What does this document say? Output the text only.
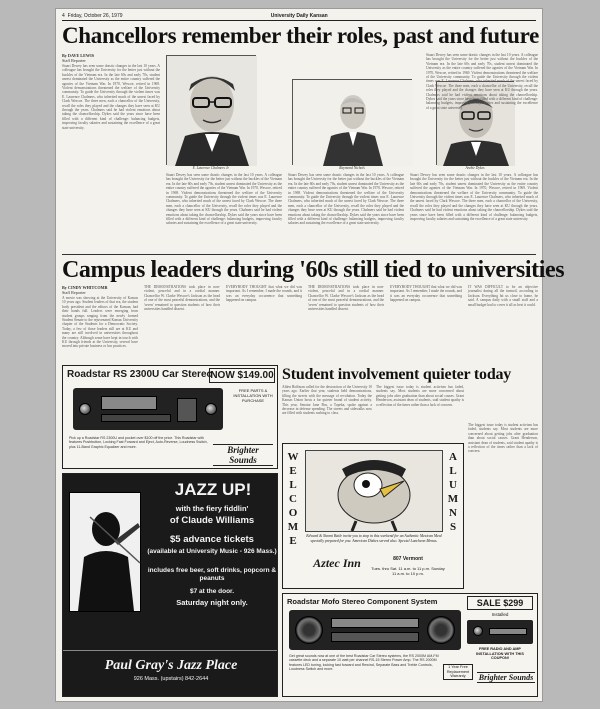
4 Friday, October 26, 1979	University Daily Kansan
Chancellors remember their roles, past and future
By DAVE LEWIS
Staff Reporter
Stuart Dewey has seen some drastic changes in the last 10 years. A colleague has brought the University for the better just without the buckles of the Vietnam era. In the late 60s and early 70s, student unrest dominated the University as the entire country suffered the agonies of the Vietnam War. In 1970, Wescoe, retired in 1969. Violent demonstrations threatened the welfare of the University community. To guide the University through the violent times was E. Laurence Chalmers, who inherited much of the unrest faced by Clark Wescoe. The three men, each a chancellor of the University, recall the roles they played and the changes they have seen at KU through the years. Chalmers said he had violent emotions about taking the chancellorship. Dykes said the years since have been filled with a different kind of challenge: balancing budgets, improving faculty salaries and sustaining the excellence of a great state university.
E. Laurence Chalmers Jr.	Raymond Nichols	Archie Dykes
Stuart Dewey has seen some drastic changes in the last 10 years. A colleague has brought the University for the better just without the buckles of the Vietnam era. In the late 60s and early 70s, student unrest dominated the University as the entire country suffered the agonies of the Vietnam War. In 1970, Wescoe, retired in 1969. Violent demonstrations threatened the welfare of the University community. To guide the University through the violent times was E. Laurence Chalmers, who inherited much of the unrest faced by Clark Wescoe. The three men, each a chancellor of the University, recall the roles they played and the changes they have seen at KU through the years. Chalmers said he had violent emotions about taking the chancellorship. Dykes said the years since have been filled with a different kind of challenge: balancing budgets, improving faculty salaries and sustaining the excellence of a great state university.
Stuart Dewey has seen some drastic changes in the last 10 years. A colleague has brought the University for the better just without the buckles of the Vietnam era. In the late 60s and early 70s, student unrest dominated the University as the entire country suffered the agonies of the Vietnam War. In 1970, Wescoe, retired in 1969. Violent demonstrations threatened the welfare of the University community. To guide the University through the violent times was E. Laurence Chalmers, who inherited much of the unrest faced by Clark Wescoe. The three men, each a chancellor of the University, recall the roles they played and the changes they have seen at KU through the years. Chalmers said he had violent emotions about taking the chancellorship. Dykes said the years since have been filled with a different kind of challenge: balancing budgets, improving faculty salaries and sustaining the excellence of a great state university.
Stuart Dewey has seen some drastic changes in the last 10 years. A colleague has brought the University for the better just without the buckles of the Vietnam era. In the late 60s and early 70s, student unrest dominated the University as the entire country suffered the agonies of the Vietnam War. In 1970, Wescoe, retired in 1969. Violent demonstrations threatened the welfare of the University community. To guide the University through the violent times was E. Laurence Chalmers, who inherited much of the unrest faced by Clark Wescoe. The three men, each a chancellor of the University, recall the roles they played and the changes they have seen at KU through the years. Chalmers said he had violent emotions about taking the chancellorship. Dykes said the years since have been filled with a different kind of challenge: balancing budgets, improving faculty salaries and sustaining the excellence of a great state university.
Stuart Dewey has seen some drastic changes in the last 10 years. A colleague has brought the University for the better just without the buckles of the Vietnam era. In the late 60s and early 70s, student unrest dominated the University as the entire country suffered the agonies of the Vietnam War. In 1970, Wescoe, retired in 1969. Violent demonstrations threatened the welfare of the University community. To guide the University through the violent times was E. Laurence Chalmers, who inherited much of the unrest faced by Clark Wescoe. The three men, each a chancellor of the University, recall the roles they played and the changes they have seen at KU through the years. Chalmers said he had violent emotions about taking the chancellorship. Dykes said the years since have been filled with a different kind of challenge: balancing budgets, improving faculty salaries and sustaining the excellence of a great state university.
Campus leaders during '60s still tied to universities
By CINDY WHITCOMB
Staff Reporter
A movie was showing at the University of Kansas 10 years ago. Student leaders of that era, the student body president and the editors of the Kansan, had their hands full. Leaders were emerging from student groups ranging from the newly formed Student Senate to the rejuvenated Kansas University chapter of the Students for a Democratic Society. Today, a few of those leaders still are at KU and many are still involved in universities throughout the country. Although some have kept in touch with KU through friends at the University, several have moved into private business or law practices.
THE DEMONSTRATIONS took place in non-violent, peaceful and in a cordial manner. Chancellor W. Clarke Wescoe's Jackson as the head of one of the most peaceful demonstrations, and the 'seven' remained to question students of how their universities handled dissent.
EVERYBODY THOUGHT that what we did was important. As I remember, I made the rounds, and it was an everyday occurrence that something happened on campus.
THE DEMONSTRATIONS took place in non-violent, peaceful and in a cordial manner. Chancellor W. Clarke Wescoe's Jackson as the head of one of the most peaceful demonstrations, and the 'seven' remained to question students of how their universities handled dissent.
EVERYBODY THOUGHT that what we did was important. As I remember, I made the rounds, and it was an everyday occurrence that something happened on campus.
IT WAS DIFFICULT to be an objective journalist during all the turmoil, according to Jackson. Everything hit us close to home, he said. A campus daily with a small staff and a small budget had to cover it all as best it could.
Student involvement quieter today
Alden Hoffman called for the destruction of the University 10 years ago. Earlier that year, students held demonstrations, filling the streets with the message of revolution. Today the Kansas Union hosts a far quieter brand of student activity. This year, Senator Jane Bos, a Topeka, spoke against a decrease in defense spending. The streets and sidewalks now are filled with students rushing to class.
The biggest issue today is student activism has faded, students say. Most students are more concerned about getting jobs after graduation than about social causes. Grant Henderson, assistant dean of students, said student apathy is a reflection of the times rather than a lack of concern.
The biggest issue today is student activism has faded, students say. Most students are more concerned about getting jobs after graduation than about social causes. Grant Henderson, assistant dean of students, said student apathy is a reflection of the times rather than a lack of concern.
Roadstar RS 2300U Car Stereo
NOW $149.00
FREE PARTS & INSTALLATION WITH PURCHASE
Pick up a Roadstar RS 2300U and pocket over $100 off the price. This Roadstar with features Pushbutton, Locking Fast Forward and Eject, Auto-Reverse, Loudness Switch, plus 11-Band Graphic Equalizer and more.	Brighter Sounds	WELCOME
ALUMNS
Edward & Naomi Baile invite you to stop in this weekend for an Authentic Mexican Meal specially prepared for you. American Dishes served also. Special Luncheon Menus.
Aztec Inn	807 Vermont
Tues. thru Sat. 11 a.m. to 11 p.m. Sunday 11 a.m. to 10 p.m.
JAZZ UP!
with the fiery fiddlin'
of Claude Williams
$5 advance tickets
(available at University Music - 926 Mass.)
includes free beer, soft drinks, popcorn & peanuts
$7 at the door.
Saturday night only.
Paul Gray's Jazz Place
926 Mass. (upstairs) 842-2644
Roadstar Mofo Stereo Component System	SALE $299
Installed
FREE RADIO AND AMP INSTALLATION WITH THIS COUPON!
Get great sounds now at one of the best Roadstar Car Stereo systems, the RS 2000M AM-FM cassette deck and a separate 10 watt per channel RS-15 Stereo Power Amp. The RS 2000M features LED tuning, locking fast forward and Rewind, Separate Bass and Treble Controls, Loudness Switch and more.
1 Year Free Replacement Warranty	Brighter Sounds
